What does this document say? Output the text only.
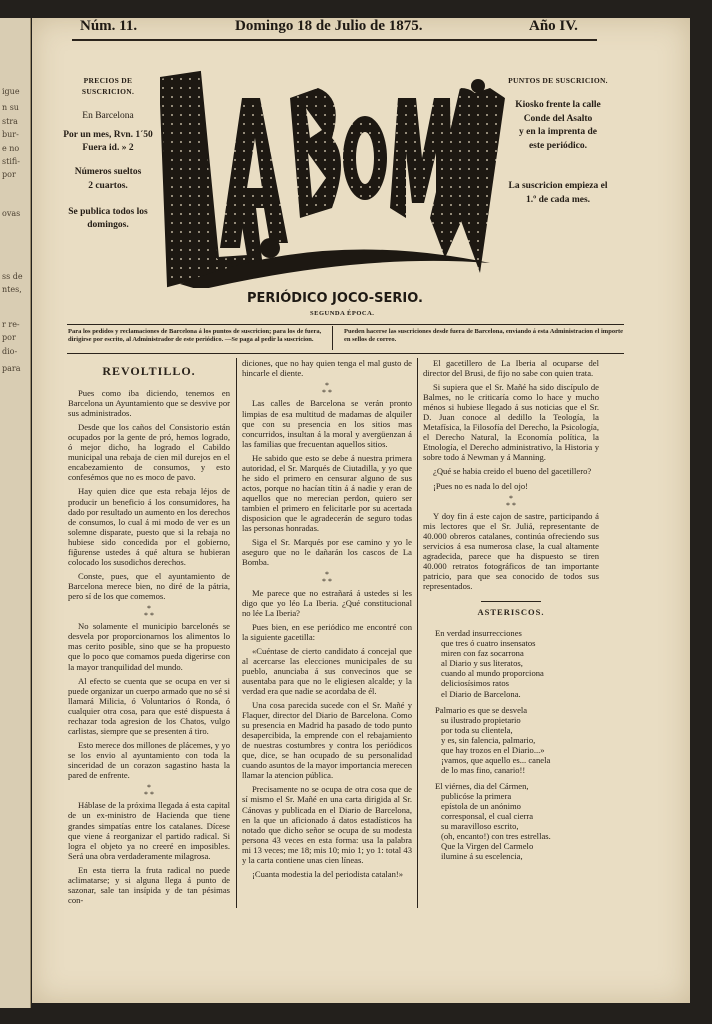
igue
n su
stra
bur-
e no
stifi-
por
ovas
ss de
ntes,
r re-
por
dio-
para
Núm. 11.	Domingo 18 de Julio de 1875.	Año IV.
PRECIOS DE SUSCRICION.
En Barcelona
Por un mes, Rvn. 1´50
Fuera id. » 2
Números sueltos
2 cuartos.
Se publica todos los
domingos.
PUNTOS DE SUSCRICION.
Kiosko frente la calle
Conde del Asalto
y en la imprenta de
este periódico.
La suscricion empieza el
1.º de cada mes.
PERIÓDICO JOCO-SERIO.
SEGUNDA ÉPOCA.
Para los pedidos y reclamaciones de Barcelona á los puntos de suscricion; para los de fuera, dirigirse por escrito, al Administrador de este periódico. —Se paga al pedir la suscricion.
Pueden hacerse las suscriciones desde fuera de Barcelona, enviando á esta Administracion el importe en sellos de correo.

REVOLTILLO.

Pues como iba diciendo, tenemos en Barcelona un Ayuntamiento que se desvive por sus administrados.

Desde que los caños del Consistorio están ocupados por la gente de pró, hemos logrado, ó mejor dicho, ha logrado el Cabildo municipal una rebaja de cien mil durejos en el encabezamiento de consumos, y esto confesémos que no es moco de pavo.

Hay quien dice que esta rebaja léjos de producir un beneficio á los consumidores, ha dado por resultado un aumento en los derechos de consumos, lo cual á mi modo de ver es un solemne disparate, puesto que si la rebaja no hubiese sido concedida por el gobierno, fig̃urense ustedes á qué altura se hubieran colocado los susodichos derechos.

Conste, pues, que el ayuntamiento de Barcelona merece bien, no diré de la pátria, pero sí de los que comemos.

*
* *

No solamente el municipio barcelonés se desvela por proporcionarnos los alimentos lo mas cerito posible, sino que se ha propuesto que lo poco que comamos pueda digerirse con la mayor tranquilidad del mundo.

Al efecto se cuenta que se ocupa en ver si puede organizar un cuerpo armado que no sé si llamará Milicia, ó Voluntarios ó Ronda, ó cualquier otra cosa, para que esté dispuesta á rechazar toda agresion de los Chatos, vulgo carlistas, siempre que se presenten á tiro.

Esto merece dos millones de plácemes, y yo se los envio al ayuntamiento con toda la sinceridad de un corazon sagastino hasta la pared de enfrente.

*
* *

Háblase de la próxima llegada á esta capital de un ex-ministro de Hacienda que tiene grandes simpatías entre los catalanes. Dícese que viene á reorganizar el partido radical. Si logra el objeto ya no creeré en imposibles. Será una obra verdaderamente milagrosa.

En esta tierra la fruta radical no puede aclimatarse; y si alguna llega á punto de sazonar, sale tan insípida y de tan pésimas con-

diciones, que no hay quien tenga el mal gusto de hincarle el diente.

*
* *

Las calles de Barcelona se verán pronto limpias de esa multitud de madamas de alquiler que con su presencia en los sitios mas concurridos, insultan á la moral y avergüenzan á las familias que frecuentan aquellos sitios.

He sabido que esto se debe á nuestra primera autoridad, el Sr. Marqués de Ciutadilla, y yo que he sido el primero en censurar alguno de sus actos, porque no hacían títin á á nadie y eran de aquellos que no merecian perdon, quiero ser tambien el primero en felicitarle por su acertada disposicion que le agradecerán de seguro todas las personas honradas.

Siga el Sr. Marqués por ese camino y yo le aseguro que no le dañarán los cascos de La Bomba.

*
* *

Me parece que no estrañará á ustedes si les digo que yo léo La Iberia. ¿Qué constitucional no lée La Iberia?

Pues bien, en ese periódico me encontré con la siguiente gacetilla:

«Cuéntase de cierto candidato á concejal que al acercarse las elecciones municipales de su pueblo, anunciaba á sus convecinos que se ausentaba para que no le eligiesen alcalde; y la verdad era que nadie se acordaba de él.

Una cosa parecida sucede con el Sr. Mañé y Flaquer, director del Diario de Barcelona. Como su presencia en Madrid ha pasado de todo punto desapercibida, la emprende con el rebajamiento de nuestras costumbres y contra los periódicos que, dice, se han ocupado de su personalidad cuando asuntos de la mayor importancia merecen llamar la atencion pública.

Precisamente no se ocupa de otra cosa que de sí mismo el Sr. Mañé en una carta dirigida al Sr. Cánovas y publicada en el Diario de Barcelona, en la que un aficionado á datos estadísticos ha notado que dicho señor se ocupa de su modesta persona 43 veces en esta forma: usa la palabra mi 13 veces; me 18; mis 10; mio 1; yo 1: total 43 y la carta contiene unas cien líneas.

¡Cuanta modestia la del periodista catalan!»

El gacetillero de La Iberia al ocuparse del director del Brusi, de fijo no sabe con quien trata.

Si supiera que el Sr. Mañé ha sido discípulo de Balmes, no le criticaría como lo hace y mucho ménos si hubiese llegado á sus noticias que el Sr. D. Juan conoce al dedillo la Teología, la Metafísica, la Filosofía del Derecho, la Psicología, el Derecho Natural, la Economía política, la Etnología, el Derecho administrativo, la Historia y sobre todo á Newman y á Manning.

¿Qué se habia creido el bueno del gacetillero?

¡Pues no es nada lo del ojo!

*
* *

Y doy fin á este cajon de sastre, participando á mis lectores que el Sr. Juliá, representante de 40.000 obreros catalanes, continúa ofreciendo sus servicios á esa numerosa clase, la cual altamente agradecida, parece que ha dispuesto se tiren 40.000 retratos fotográficos de tan importante patricio, para que sea conocido de todos sus representados.

ASTERISCOS.

En verdad insurrecciones

que tres ó cuatro insensatos

miren con faz socarrona

al Diario y sus literatos,

cuando al mundo proporciona

deliciosísimos ratos

el Diario de Barcelona.

Palmario es que se desvela

su ilustrado propietario

por toda su clientela,

y es, sin falencia, palmario,

que hay trozos en el Diario...»

¡vamos, que aquello es... canela

de lo mas fino, canario!!

El viérnes, dia del Cármen,

publicóse la primera

epístola de un anónimo

corresponsal, el cual cierra

su maravilloso escrito,

(oh, encanto!) con tres estrellas.

Que la Virgen del Carmelo

ilumine á su escelencia,
